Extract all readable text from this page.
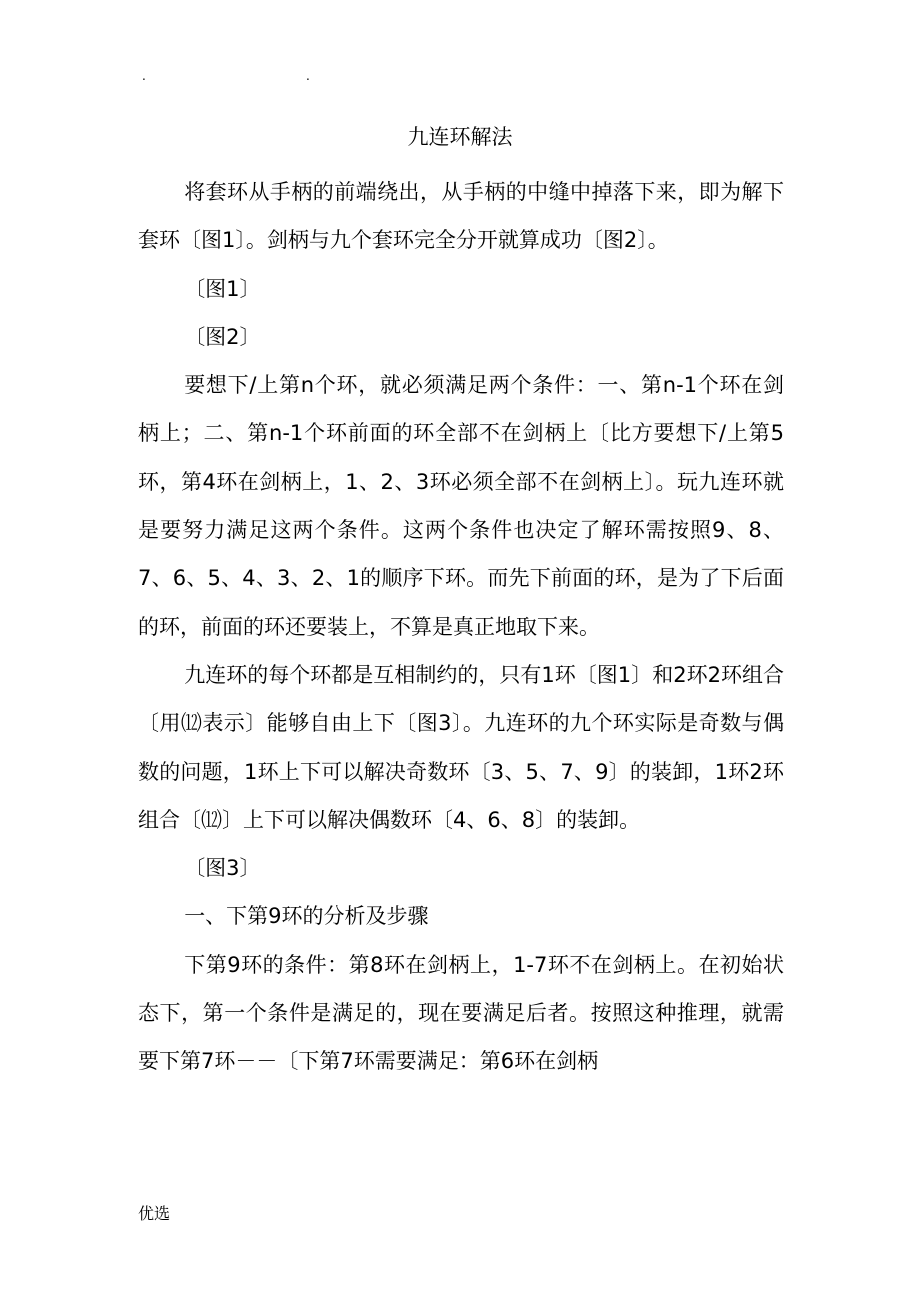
.	.
九连环解法

将套环从手柄的前端绕出，从手柄的中缝中掉落下来，即为解下套环〔图1〕。剑柄与九个套环完全分开就算成功〔图2〕。

〔图1〕

〔图2〕

要想下/上第n个环，就必须满足两个条件：一、第n-1个环在剑柄上；二、第n-1个环前面的环全部不在剑柄上〔比方要想下/上第5环，第4环在剑柄上，1、2、3环必须全部不在剑柄上〕。玩九连环就是要努力满足这两个条件。这两个条件也决定了解环需按照9、8、7、6、5、4、3、2、1的顺序下环。而先下前面的环，是为了下后面的环，前面的环还要装上，不算是真正地取下来。

九连环的每个环都是互相制约的，只有1环〔图1〕和2环2环组合〔用⑿表示〕能够自由上下〔图3〕。九连环的九个环实际是奇数与偶数的问题，1环上下可以解决奇数环〔3、5、7、9〕的装卸，1环2环组合〔⑿〕上下可以解决偶数环〔4、6、8〕的装卸。

〔图3〕

一、下第9环的分析及步骤

下第9环的条件：第8环在剑柄上，1-7环不在剑柄上。在初始状态下，第一个条件是满足的，现在要满足后者。按照这种推理，就需要下第7环－－〔下第7环需要满足：第6环在剑柄

优选
